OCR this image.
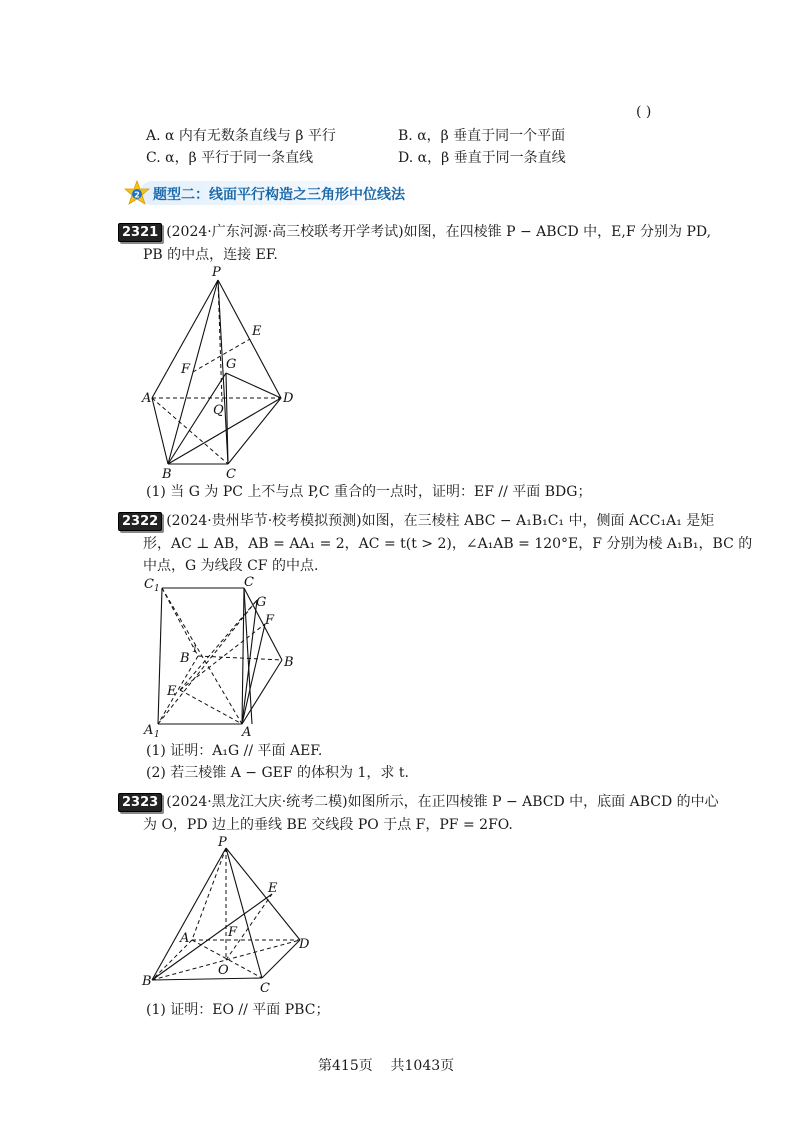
( )
A. α 内有无数条直线与 β 平行	B. α，β 垂直于同一个平面
C. α，β 平行于同一条直线	D. α，β 垂直于同一条直线
2 题型二：线面平行构造之三角形中位线法
2321 (2024·广东河源·高三校联考开学考试)如图，在四棱锥 P − ABCD 中，E,F 分别为 PD,
PB 的中点，连接 EF.
P
E
F	G
A
Q
D
B	C
(1) 当 G 为 PC 上不与点 P,C 重合的一点时，证明：EF // 平面 BDG；
2322 (2024·贵州毕节·校考模拟预测)如图，在三棱柱 ABC − A₁B₁C₁ 中，侧面 ACC₁A₁ 是矩
形，AC ⊥ AB，AB = AA₁ = 2，AC = t(t > 2)，∠A₁AB = 120°E，F 分别为棱 A₁B₁，BC 的
中点，G 为线段 CF 的中点.
C 1	C
G
F
B
1
B
E
A 1	A
(1) 证明：A₁G // 平面 AEF.
(2) 若三棱锥 A − GEF 的体积为 1，求 t.
2323 (2024·黑龙江大庆·统考二模)如图所示，在正四棱锥 P − ABCD 中，底面 ABCD 的中心
为 O，PD 边上的垂线 BE 交线段 PO 于点 F，PF = 2FO.
P
E
A	F
D
O
B	C
(1) 证明：EO // 平面 PBC；
第415页    共1043页
